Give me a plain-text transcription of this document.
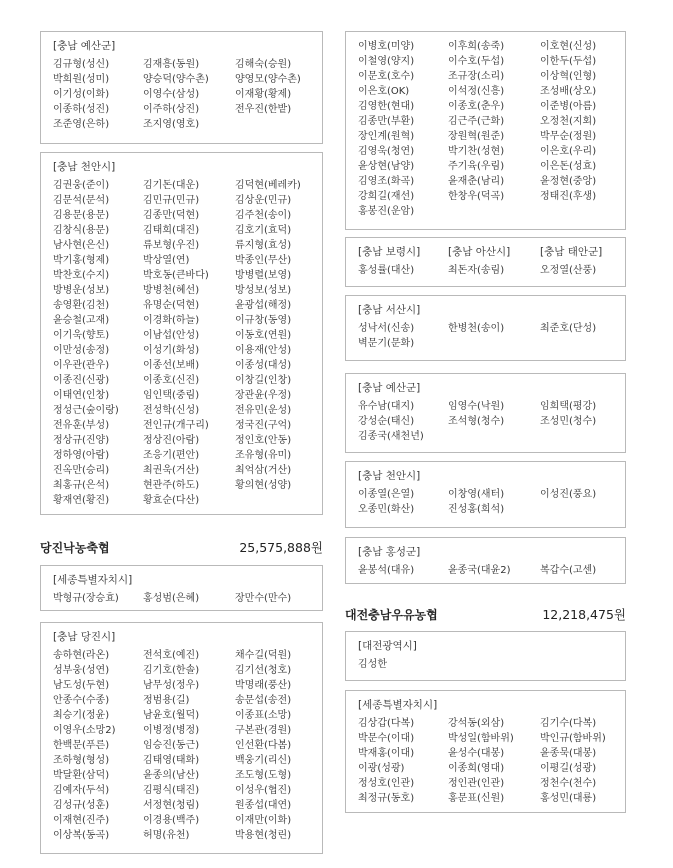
[충남 예산군]
김규형(성신)	김재흥(동원)	김해숙(승원)
박희원(성미)	양승덕(양수촌)	양영모(양수촌)
이기성(이화)	이영수(삼성)	이재황(황제)
이종하(성진)	이주하(상진)	전우진(한밭)
조준영(은하)	조지영(영호)
[충남 천안시]
김권웅(준이)	김기돈(대운)	김덕현(베레카)
김문석(문석)	김민규(민규)	김상운(민규)
김용문(용문)	김종만(덕현)	김주천(송이)
김창식(용문)	김태희(대진)	김호기(효덕)
남사현(은신)	류보형(우진)	류지형(효성)
박기홍(형제)	박상열(연)	박종인(무산)
박찬호(수지)	박호동(큰바다)	방병렬(보영)
방병운(성보)	방병천(혜선)	방성보(성보)
송영환(김천)	유명순(덕현)	윤광섭(해정)
윤승철(고재)	이경화(하늘)	이규창(동영)
이기욱(향토)	이남섭(안성)	이동호(연원)
이만성(송정)	이성기(화성)	이용재(안성)
이우관(관우)	이종선(보배)	이종성(대성)
이종진(신광)	이종호(신진)	이창길(인창)
이태연(인창)	임인택(중림)	장관윤(우정)
정성근(숲이랑)	전성학(신성)	전유민(운성)
전유훈(부성)	전인규(개구리)	정국진(구억)
정상규(진양)	정상진(아람)	정인호(안동)
정하영(아람)	조응기(편안)	조유형(유미)
진옥만(승리)	최권욱(거산)	최억삼(거산)
최홍규(은석)	현관주(하도)	황의현(성양)
황재연(황진)	황효순(다산)
당진낙농축협	25,575,888원
[세종특별자치시]
박형규(장승효)	홍성범(은혜)	장만수(만수)
[충남 당진시]
송하현(라온)	전석호(예진)	채수길(덕원)
성부웅(성연)	김기호(한솔)	김기선(청호)
남도성(두현)	남무성(정우)	박명래(풍산)
안종수(수종)	정범용(길)	송문섭(송전)
최승기(정윤)	남윤호(월덕)	이종표(소망)
이영우(소망2)	이병정(병정)	구본관(경원)
한백문(푸른)	임승진(동근)	인선환(다봄)
조하형(형성)	김태영(태화)	백웅기(리신)
박달환(삼덕)	윤종의(남산)	조도형(도형)
김예자(두석)	김평식(태진)	이성우(협진)
김성규(성훈)	서정현(청림)	원종섭(대연)
이재현(진주)	이경용(백주)	이재만(이화)
이상복(동곡)	허명(유천)	박용현(청린)
이병호(미양)	이후희(송죽)	이호현(신성)
이철영(양지)	이수호(두섭)	이한두(두섭)
이문호(호수)	조규장(소리)	이상혁(인형)
이은호(OK)	이석정(신흥)	조성배(상오)
김영한(현대)	이종호(춘우)	이준병(아름)
김종만(부환)	김근주(근화)	오정천(지회)
장인계(원혁)	장원혁(원준)	박무순(정원)
김영욱(청연)	박기찬(성현)	이은호(우리)
윤상현(남양)	주기육(우림)	이은돈(성효)
김영조(화곡)	윤재춘(남리)	윤정현(중앙)
강희길(재선)	한창우(덕곡)	정태진(후생)
홍봉진(운암)
[충남 보령시]	[충남 아산시]	[충남 태안군]
홍성률(대산)	최돈자(송림)	오정열(산풍)
[충남 서산시]
성낙서(신송)	한병천(송이)	최준호(단성)
벽문기(문화)
[충남 예산군]
유수남(대지)	임영수(낙원)	임희택(평강)
강성순(태신)	조석형(청수)	조성민(청수)
김종국(새천년)
[충남 천안시]
이종열(은열)	이창영(새터)	이성진(풍요)
오종민(화산)	진성홍(희석)
[충남 홍성군]
윤봉석(대유)	윤종국(대윤2)	복갑수(고센)
대전충남우유농협	12,218,475원
[대전광역시]
김성한
[세종특별자치시]
김상갑(다복)	강석동(외삼)	김기수(다복)
박문수(이대)	박성일(함바위)	박인규(함바위)
박재홍(이대)	윤성수(대봉)	윤종묵(대봉)
이광(성광)	이종희(영대)	이평길(성광)
정성호(인관)	정인관(인관)	정천수(천수)
최정규(동호)	홍문표(신원)	홍성민(대룡)
